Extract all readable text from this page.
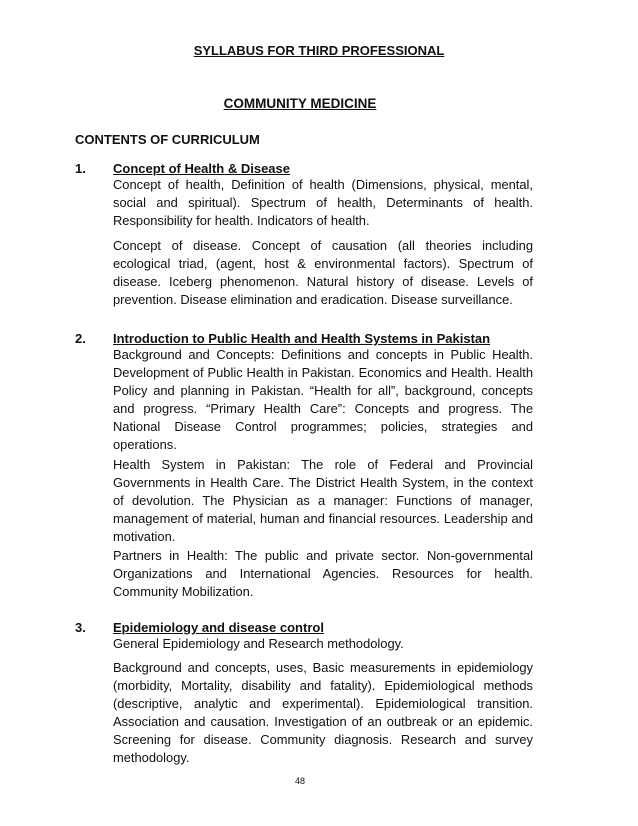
SYLLABUS FOR THIRD PROFESSIONAL
COMMUNITY MEDICINE
CONTENTS OF CURRICULUM
1. Concept of Health & Disease
Concept of health, Definition of health (Dimensions, physical, mental, social and spiritual). Spectrum of health, Determinants of health. Responsibility for health. Indicators of health.
Concept of disease. Concept of causation (all theories including ecological triad, (agent, host & environmental factors). Spectrum of disease. Iceberg phenomenon. Natural history of disease. Levels of prevention. Disease elimination and eradication. Disease surveillance.
2. Introduction to Public Health and Health Systems in Pakistan
Background and Concepts: Definitions and concepts in Public Health. Development of Public Health in Pakistan. Economics and Health. Health Policy and planning in Pakistan. “Health for all”, background, concepts and progress. “Primary Health Care”: Concepts and progress. The National Disease Control programmes; policies, strategies and operations.
Health System in Pakistan: The role of Federal and Provincial Governments in Health Care. The District Health System, in the context of devolution. The Physician as a manager: Functions of manager, management of material, human and financial resources. Leadership and motivation.
Partners in Health: The public and private sector. Non-governmental Organizations and International Agencies. Resources for health. Community Mobilization.
3. Epidemiology and disease control
General Epidemiology and Research methodology.
Background and concepts, uses, Basic measurements in epidemiology (morbidity, Mortality, disability and fatality). Epidemiological methods (descriptive, analytic and experimental). Epidemiological transition. Association and causation. Investigation of an outbreak or an epidemic. Screening for disease. Community diagnosis. Research and survey methodology.
48
